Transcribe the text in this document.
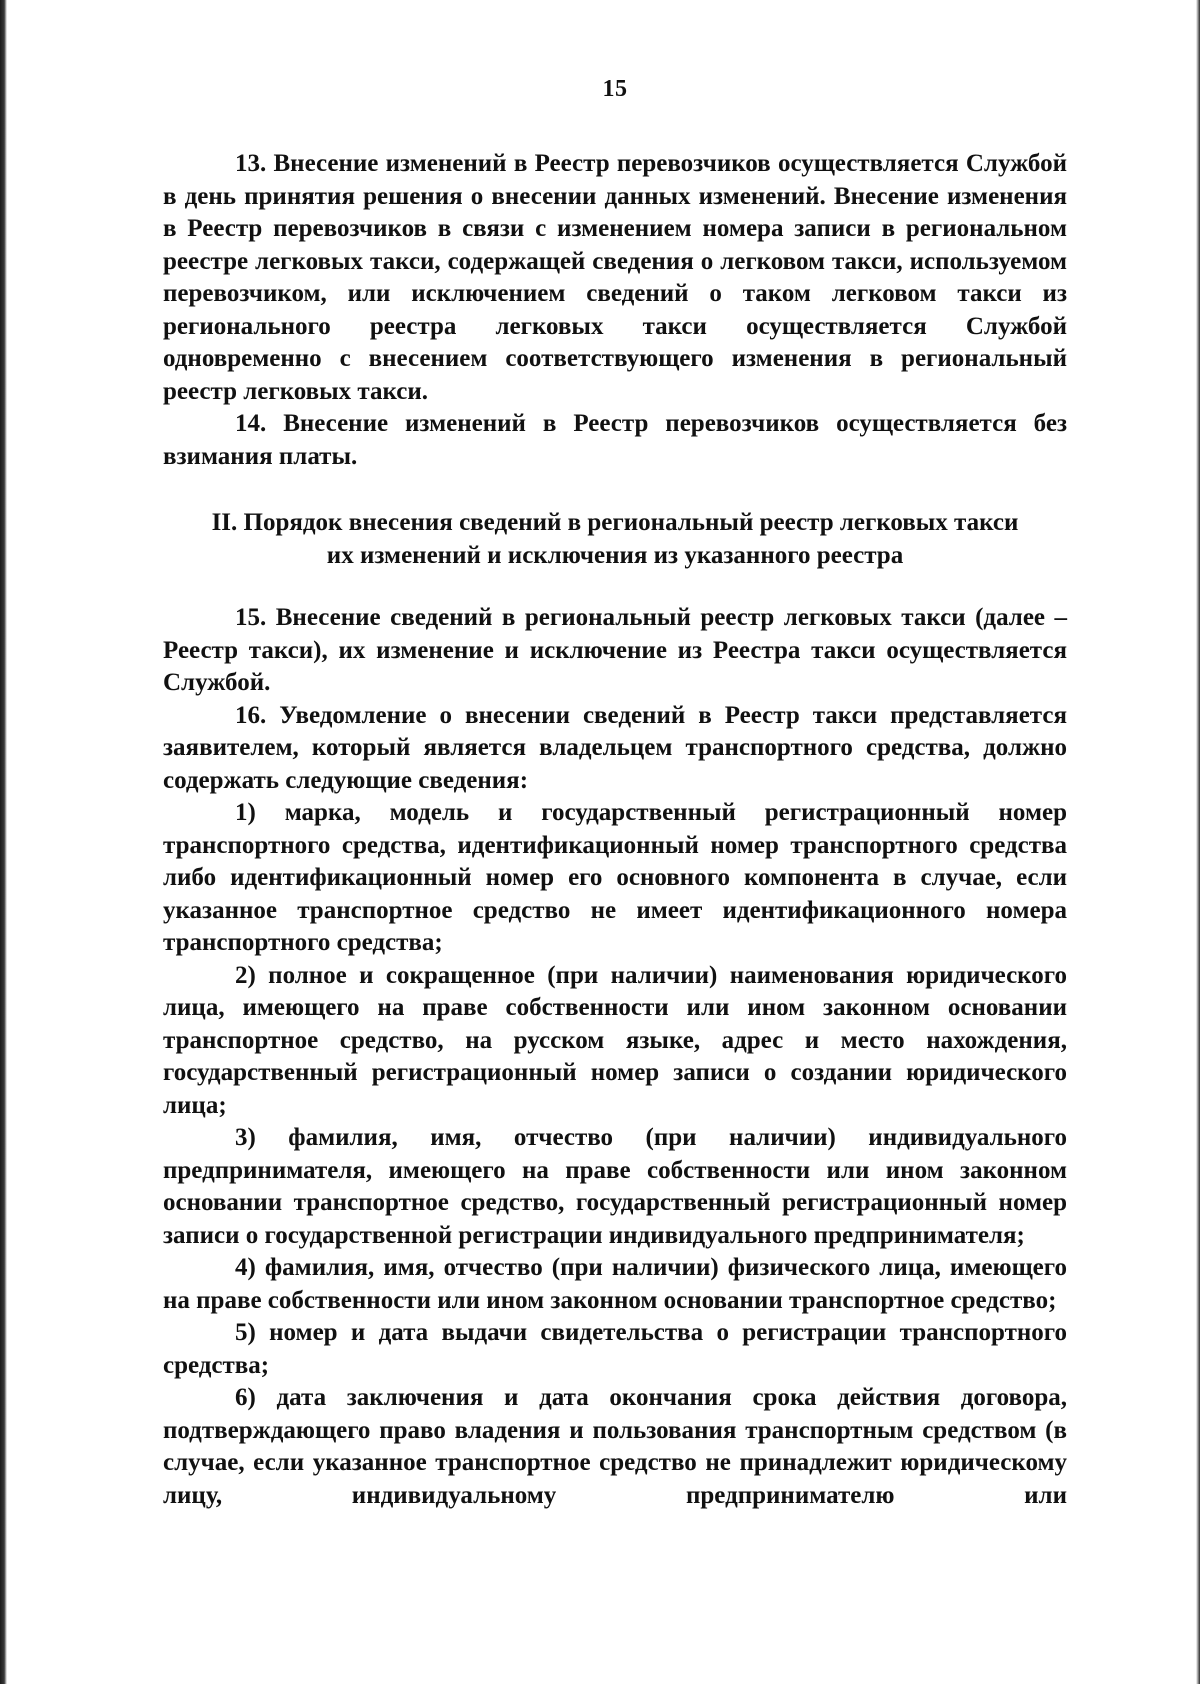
15

13. Внесение изменений в Реестр перевозчиков осуществляется Службой в день принятия решения о внесении данных изменений. Внесение изменения в Реестр перевозчиков в связи с изменением номера записи в региональном реестре легковых такси, содержащей сведения о легковом такси, используемом перевозчиком, или исключением сведений о таком легковом такси из регионального реестра легковых такси осуществляется Службой одновременно с внесением соответствующего изменения в региональный реестр легковых такси.

14. Внесение изменений в Реестр перевозчиков осуществляется без взимания платы.

II. Порядок внесения сведений в региональный реестр легковых такси
их изменений и исключения из указанного реестра

15. Внесение сведений в региональный реестр легковых такси (далее – Реестр такси), их изменение и исключение из Реестра такси осуществляется Службой.

16. Уведомление о внесении сведений в Реестр такси представляется заявителем, который является владельцем транспортного средства, должно содержать следующие сведения:

1) марка, модель и государственный регистрационный номер транспортного средства, идентификационный номер транспортного средства либо идентификационный номер его основного компонента в случае, если указанное транспортное средство не имеет идентификационного номера транспортного средства;

2) полное и сокращенное (при наличии) наименования юридического лица, имеющего на праве собственности или ином законном основании транспортное средство, на русском языке, адрес и место нахождения, государственный регистрационный номер записи о создании юридического лица;

3) фамилия, имя, отчество (при наличии) индивидуального предпринимателя, имеющего на праве собственности или ином законном основании транспортное средство, государственный регистрационный номер записи о государственной регистрации индивидуального предпринимателя;

4) фамилия, имя, отчество (при наличии) физического лица, имеющего на праве собственности или ином законном основании транспортное средство;

5) номер и дата выдачи свидетельства о регистрации транспортного средства;

6) дата заключения и дата окончания срока действия договора, подтверждающего право владения и пользования транспортным средством (в случае, если указанное транспортное средство не принадлежит юридическому лицу, индивидуальному предпринимателю или
